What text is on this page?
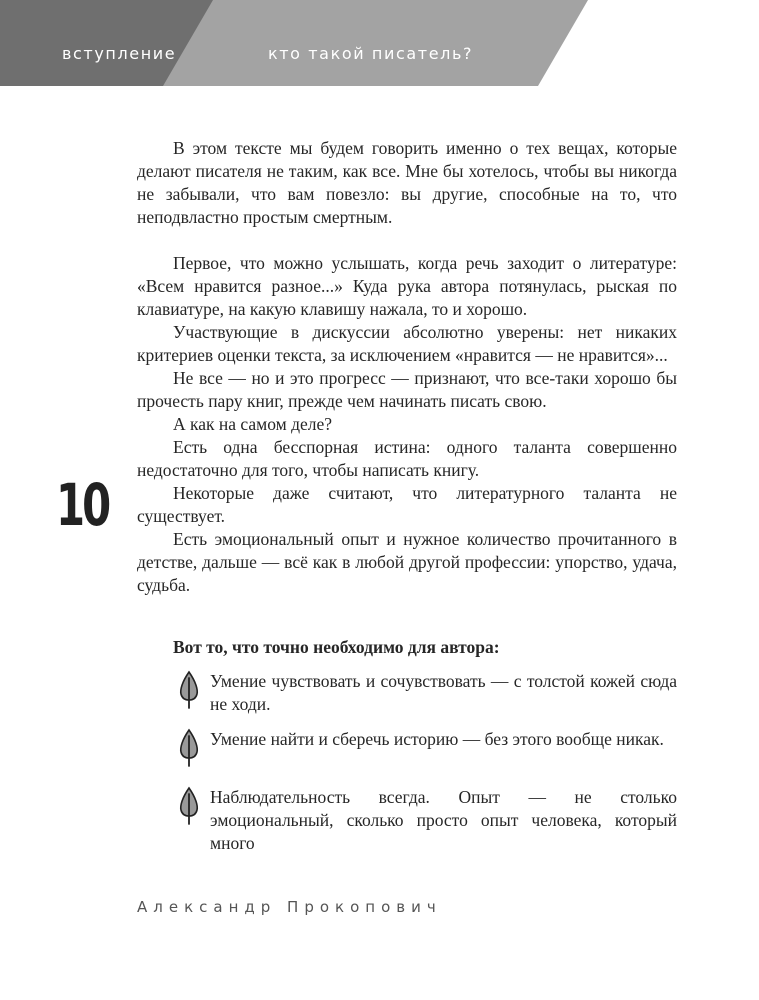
вступление	кто такой писатель?
10

В этом тексте мы будем говорить именно о тех вещах, которые делают писателя не таким, как все. Мне бы хотелось, чтобы вы никогда не забывали, что вам повезло: вы другие, способные на то, что неподвластно простым смертным.

Первое, что можно услышать, когда речь заходит о литературе: «Всем нравится разное...» Куда рука автора потянулась, рыская по клавиатуре, на какую клавишу нажала, то и хорошо.

Участвующие в дискуссии абсолютно уверены: нет никаких критериев оценки текста, за исключением «нравится — не нравится»...

Не все — но и это прогресс — признают, что все-таки хорошо бы прочесть пару книг, прежде чем начинать писать свою.

А как на самом деле?

Есть одна бесспорная истина: одного таланта совершенно недостаточно для того, чтобы написать книгу.

Некоторые даже считают, что литературного таланта не существует.

Есть эмоциональный опыт и нужное количество прочитанного в детстве, дальше — всё как в любой другой профессии: упорство, удача, судьба.

Вот то, что точно необходимо для автора:
Умение чувствовать и сочувствовать — с толстой кожей сюда не ходи.
Умение найти и сберечь историю — без этого вообще никак.
Наблюдательность всегда. Опыт — не столько эмоциональный, сколько просто опыт человека, который много
Александр Прокопович
